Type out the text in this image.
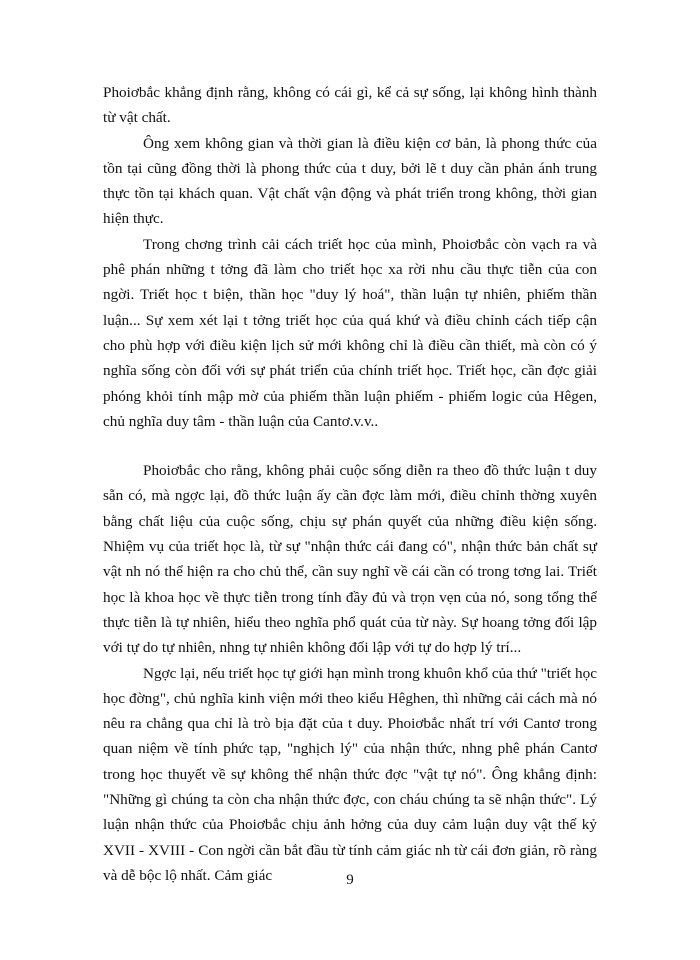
Phoiơbắc khẳng định rằng, không có cái gì, kể cả sự sống, lại không hình thành từ vật chất.

Ông xem không gian và thời gian là điều kiện cơ bản, là phong thức của tồn tại cũng đồng thời là phong thức của t duy, bởi lẽ t duy cần phản ánh trung thực tồn tại khách quan. Vật chất vận động và phát triển trong không, thời gian hiện thực.

Trong chơng trình cải cách triết học của mình, Phoiơbắc còn vạch ra và phê phán những t tởng đã làm cho triết học xa rời nhu cầu thực tiễn của con ngời. Triết học t biện, thần học "duy lý hoá", thần luận tự nhiên, phiếm thần luận... Sự xem xét lại t tởng triết học của quá khứ và điều chỉnh cách tiếp cận cho phù hợp với điều kiện lịch sử mới không chỉ là điều cần thiết, mà còn có ý nghĩa sống còn đối với sự phát triển của chính triết học. Triết học, cần đợc giải phóng khỏi tính mập mờ của phiếm thần luận phiếm - phiếm logic của Hêgen, chủ nghĩa duy tâm - thần luận của Cantơ.v.v..

Phoiơbắc cho rằng, không phải cuộc sống diễn ra theo đồ thức luận t duy sẵn có, mà ngợc lại, đồ thức luận ấy cần đợc làm mới, điều chỉnh thờng xuyên bằng chất liệu của cuộc sống, chịu sự phán quyết của những điều kiện sống. Nhiệm vụ của triết học là, từ sự "nhận thức cái đang có", nhận thức bản chất sự vật nh nó thể hiện ra cho chủ thể, cần suy nghĩ về cái cần có trong tơng lai. Triết học là khoa học về thực tiễn trong tính đầy đủ và trọn vẹn của nó, song tổng thể thực tiễn là tự nhiên, hiểu theo nghĩa phổ quát của từ này. Sự hoang tởng đối lập với tự do tự nhiên, nhng tự nhiên không đối lập với tự do hợp lý trí...

Ngợc lại, nếu triết học tự giới hạn mình trong khuôn khổ của thứ "triết học học đờng", chủ nghĩa kinh viện mới theo kiểu Hêghen, thì những cải cách mà nó nêu ra chẳng qua chỉ là trò bịa đặt của t duy. Phoiơbắc nhất trí với Cantơ trong quan niệm về tính phức tạp, "nghịch lý" của nhận thức, nhng phê phán Cantơ trong học thuyết về sự không thể nhận thức đợc "vật tự nó". Ông khẳng định: "Những gì chúng ta còn cha nhận thức đợc, con cháu chúng ta sẽ nhận thức". Lý luận nhận thức của Phoiơbắc chịu ảnh hởng của duy cảm luận duy vật thế kỷ XVII - XVIII - Con ngời cần bắt đầu từ tính cảm giác nh từ cái đơn giản, rõ ràng và dễ bộc lộ nhất. Cảm giác	9
